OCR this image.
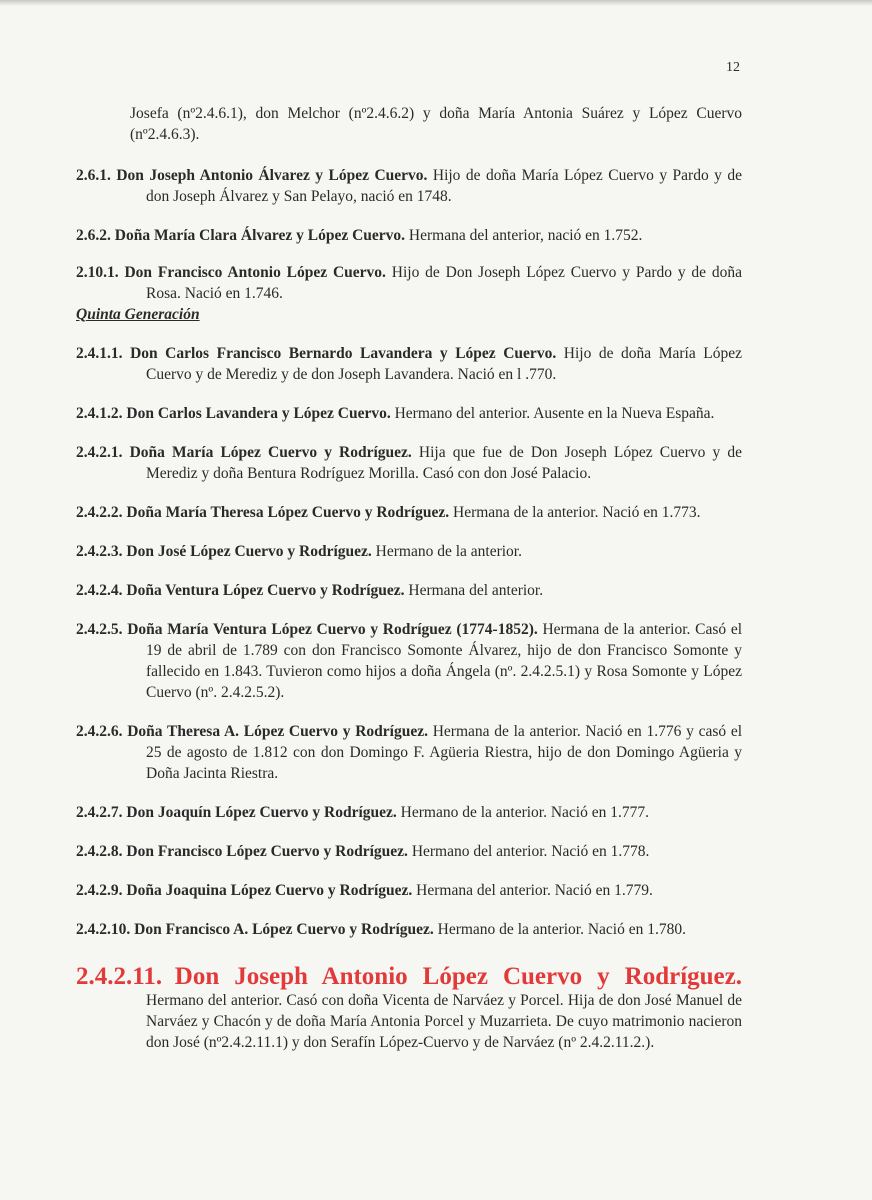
12

Josefa (nº2.4.6.1), don Melchor (nº2.4.6.2) y doña María Antonia Suárez y López Cuervo (nº2.4.6.3).

2.6.1. Don Joseph Antonio Álvarez y López Cuervo. Hijo de doña María López Cuervo y Pardo y de don Joseph Álvarez y San Pelayo, nació en 1748.

2.6.2. Doña María Clara Álvarez y López Cuervo. Hermana del anterior, nació en 1.752.

2.10.1. Don Francisco Antonio López Cuervo. Hijo de Don Joseph López Cuervo y Pardo y de doña Rosa. Nació en 1.746.

Quinta Generación

2.4.1.1. Don Carlos Francisco Bernardo Lavandera y López Cuervo. Hijo de doña María López Cuervo y de Merediz y de don Joseph Lavandera. Nació en l .770.

2.4.1.2. Don Carlos Lavandera y López Cuervo. Hermano del anterior. Ausente en la Nueva España.

2.4.2.1. Doña María López Cuervo y Rodríguez. Hija que fue de Don Joseph López Cuervo y de Merediz y doña Bentura Rodríguez Morilla. Casó con don José Palacio.

2.4.2.2. Doña María Theresa López Cuervo y Rodríguez. Hermana de la anterior. Nació en 1.773.

2.4.2.3. Don José López Cuervo y Rodríguez. Hermano de la anterior.

2.4.2.4. Doña Ventura López Cuervo y Rodríguez. Hermana del anterior.

2.4.2.5. Doña María Ventura López Cuervo y Rodríguez (1774-1852). Hermana de la anterior. Casó el 19 de abril de 1.789 con don Francisco Somonte Álvarez, hijo de don Francisco Somonte y fallecido en 1.843. Tuvieron como hijos a doña Ángela (nº. 2.4.2.5.1) y Rosa Somonte y López Cuervo (nº. 2.4.2.5.2).

2.4.2.6. Doña Theresa A. López Cuervo y Rodríguez. Hermana de la anterior. Nació en 1.776 y casó el 25 de agosto de 1.812 con don Domingo F. Agüeria Riestra, hijo de don Domingo Agüeria y Doña Jacinta Riestra.

2.4.2.7. Don Joaquín López Cuervo y Rodríguez. Hermano de la anterior. Nació en 1.777.

2.4.2.8. Don Francisco López Cuervo y Rodríguez. Hermano del anterior. Nació en 1.778.

2.4.2.9. Doña Joaquina López Cuervo y Rodríguez. Hermana del anterior. Nació en 1.779.

2.4.2.10. Don Francisco A. López Cuervo y Rodríguez. Hermano de la anterior. Nació en 1.780.

2.4.2.11. Don Joseph Antonio López Cuervo y Rodríguez. Hermano del anterior. Casó con doña Vicenta de Narváez y Porcel. Hija de don José Manuel de Narváez y Chacón y de doña María Antonia Porcel y Muzarrieta. De cuyo matrimonio nacieron don José (nº2.4.2.11.1) y don Serafín López-Cuervo y de Narváez (nº 2.4.2.11.2.).
